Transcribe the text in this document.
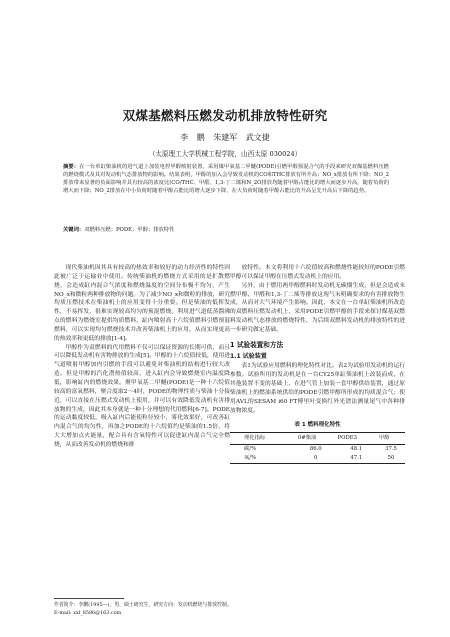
双煤基燃料压燃发动机排放特性研究
李 鹏 朱建军 武文捷
（太原理工大学机械工程学院，山西太原 030024）
摘要：在一台单缸柴油机的进气道上加装电控甲醇喷射装置，采用煤甲氧基二甲醚(PODE)引燃甲醇预混合气的手段来研究双煤基燃料压燃的燃烧模式及其对发动机气态排放物的影响。结果表明，甲醇的加入会导致发动机的CO和THC排放有所升高；NO_x排放有所下降；NO_2排放带来显著的负面影响并具有较高的浓度比(CO/THC、甲醛、1,3-丁二烯和N_2O排放均随着甲醇占能比的增大而逐步升高，随着负荷的增大而下降；NO_2排放在中小负荷时随着甲醇占能比的增大逐步下降，在大负荷时随着甲醇占能比的升高呈先升高后下降的趋势。
关键词：双燃料压燃；PODE；甲醇；排放特性

现代柴油机因其具有较高的热效率和较好的动力经济性的特性因此被广泛于运输业中使用。传统柴油机的燃烧方式采用的是扩散燃烧，会造成缸内混合气浓度和燃烧温度的空间分布极不均匀，产生NO_x和微粒两种排放物的问题。为了减少NO_x和微粒的排放，研究均质压燃技术在柴油机上的应用变得十分重要。但是柴油的低挥发性，不易挥发，很难实现较高均匀的预混燃烧。利用进气道低蒸馏沸点的燃料为燃烧室提供均质燃料，缸内喷射高十六烷值燃料引燃预混燃料，可以实现均匀燃烧技术并改善柴油机上的应用，从而实现更高的热效率和更低的排放[1-4]。

甲醇作为双燃料的代用燃料不仅可以保证资源的长期可供，而且可以降低发动机有害物排放的生成[5]。甲醇的十六烷值较低，使用进气道喷射甲醇加内引燃的手段可以避免对柴油机的结构进行较大改造。但是甲醇的汽化潜热值较高，进入缸内会导致燃烧室内温度降低，影响缸内的燃烧效果。聚甲氧基二甲醚(PODE)是一种十六烷值较高的富氧燃料，聚合度取2～4时，PODE的物理性质与柴油十分接近，可以直接在压燃式发动机上使用，并可以有效降低发动机有害排放物的生成，因此其本身就是一种十分理想的代用燃料[6-7]。PODE的运动黏度较低，吸入缸内后能使粒径较小，雾化效果好，可改善缸内混合气的均匀性，再加之PODE的十六烷值约是柴油的1.5倍，将大大增加点火能量，配合具有含氧特性可以促进缸内混合气完全燃烧，从而改善发动机的燃烧和排

放特性。本文将利用十六烷值较高和燃烧性能较好的PODE引燃甲醇可以保证甲醇在压燃式发动机上的应用。

另外，由于燃用两甲醇燃料时发动机无碳烟生成，但是会造成未燃甲醇、甲醛和1,3-丁二烯等排放这现气未明确要求的有害排放物生成，从而对大气环境产生影响。因此，本文在一台单缸柴油机所改造的双燃料压燃发动机上，采用PODE引燃甲醇的手段来探讨煤基双燃料发动机气态排放的燃烧特性，为后续双燃料发动机的排放特性的进一步研究做定基础。

1 试验装置和方法
1.1 试验装置

表1为试验应用燃料的理化特性对比。表2为试验用发动机的运行参数。试验所用的发动机是在一台CY25单缸柴油机上改装而成，在其他装置不变的基础上，在进气管上加装一套甲醇供给装置，通过原柴油机上的燃油系统供给的PODE引燃甲醇所形成的均质混合气；使用AVL的SESAM i60 FT傅里叶变换红外光谱法测量尾气中各种排放物浓度。

表 1 燃料理化特性
理化指标	0#柴油	PODE3	甲醇
碳/%	86.0	48.1	37.5
氧/%	0	47.1	50
作者简介：李鹏(1995—)，男，硕士研究生，研究方向：发动机燃烧与排放控制。
E-mail: xxl_8586@163.com
